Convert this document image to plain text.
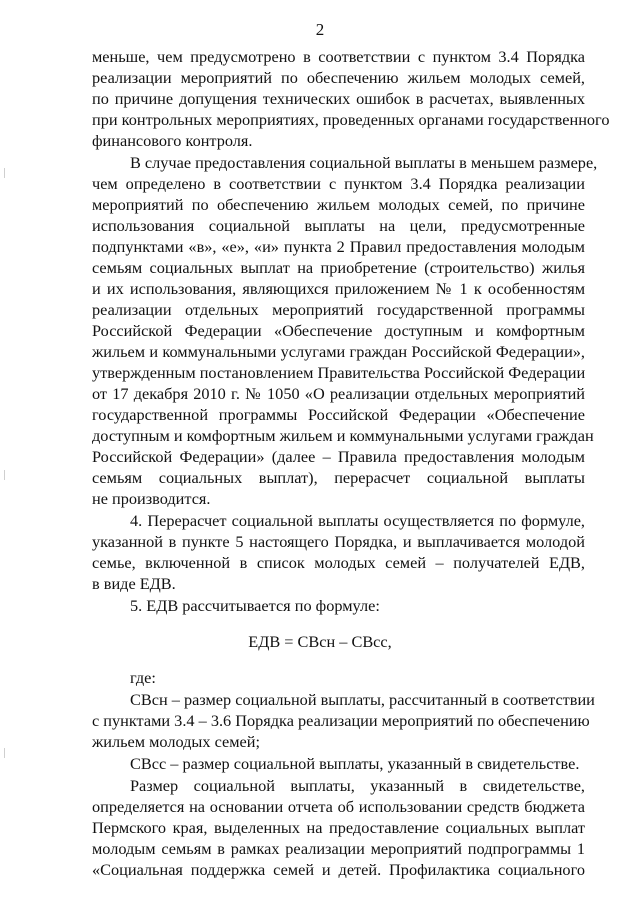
2
меньше, чем предусмотрено в соответствии с пунктом 3.4 Порядка
реализации мероприятий по обеспечению жильем молодых семей,
по причине допущения технических ошибок в расчетах, выявленных
при контрольных мероприятиях, проведенных органами государственного
финансового контроля.
В случае предоставления социальной выплаты в меньшем размере,
чем определено в соответствии с пунктом 3.4 Порядка реализации
мероприятий по обеспечению жильем молодых семей, по причине
использования социальной выплаты на цели, предусмотренные
подпунктами «в», «е», «и» пункта 2 Правил предоставления молодым
семьям социальных выплат на приобретение (строительство) жилья
и их использования, являющихся приложением № 1 к особенностям
реализации отдельных мероприятий государственной программы
Российской Федерации «Обеспечение доступным и комфортным
жильем и коммунальными услугами граждан Российской Федерации»,
утвержденным постановлением Правительства Российской Федерации
от 17 декабря 2010 г. № 1050 «О реализации отдельных мероприятий
государственной программы Российской Федерации «Обеспечение
доступным и комфортным жильем и коммунальными услугами граждан
Российской Федерации» (далее – Правила предоставления молодым
семьям социальных выплат), перерасчет социальной выплаты
не производится.
4. Перерасчет социальной выплаты осуществляется по формуле,
указанной в пункте 5 настоящего Порядка, и выплачивается молодой
семье, включенной в список молодых семей – получателей ЕДВ,
в виде ЕДВ.
5. ЕДВ рассчитывается по формуле:
ЕДВ = СВсн – СВсс,
где:
СВсн – размер социальной выплаты, рассчитанный в соответствии
с пунктами 3.4 – 3.6 Порядка реализации мероприятий по обеспечению
жильем молодых семей;
СВсс – размер социальной выплаты, указанный в свидетельстве.
Размер социальной выплаты, указанный в свидетельстве,
определяется на основании отчета об использовании средств бюджета
Пермского края, выделенных на предоставление социальных выплат
молодым семьям в рамках реализации мероприятий подпрограммы 1
«Социальная поддержка семей и детей. Профилактика социального
